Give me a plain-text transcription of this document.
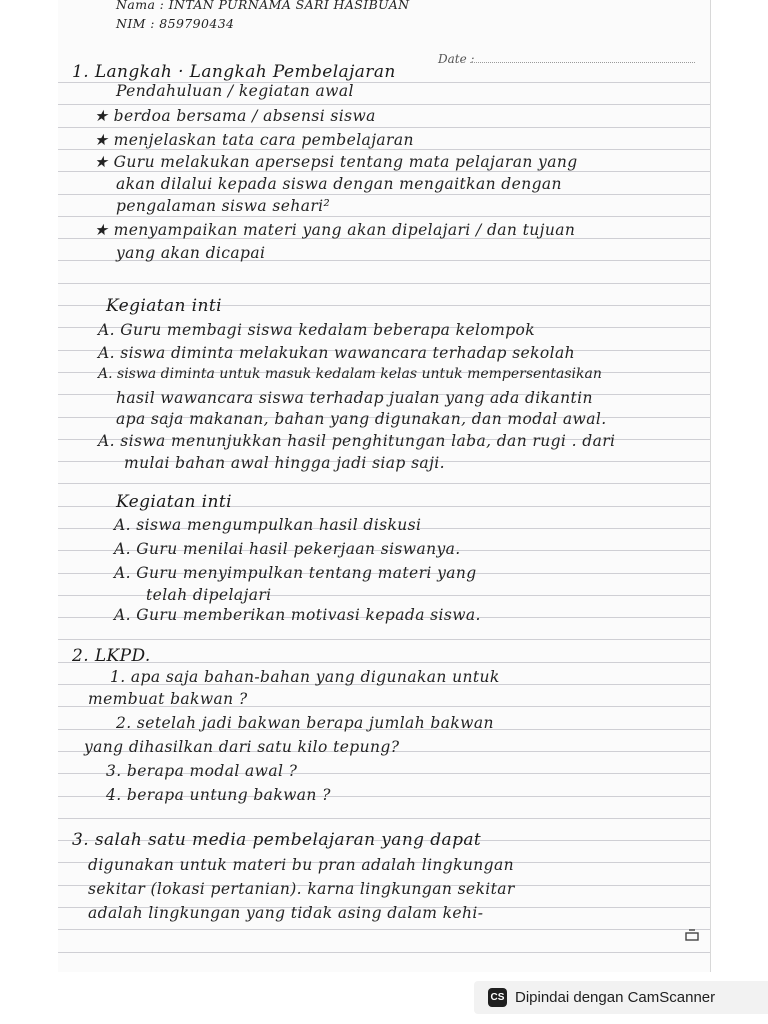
Date :
Nama : INTAN PURNAMA SARI HASIBUAN
NIM : 859790434
1. Langkah · Langkah Pembelajaran
Pendahuluan / kegiatan awal
★ berdoa bersama / absensi siswa
★ menjelaskan tata cara pembelajaran
★ Guru melakukan apersepsi tentang mata pelajaran yang
akan dilalui kepada siswa dengan mengaitkan dengan
pengalaman siswa sehari²
★ menyampaikan materi yang akan dipelajari / dan tujuan
yang akan dicapai
Kegiatan inti
A. Guru membagi siswa kedalam beberapa kelompok
A. siswa diminta melakukan wawancara terhadap sekolah
A. siswa diminta untuk masuk kedalam kelas untuk mempersentasikan
hasil wawancara siswa terhadap jualan yang ada dikantin
apa saja makanan, bahan yang digunakan, dan modal awal.
A. siswa menunjukkan hasil penghitungan laba, dan rugi . dari
mulai bahan awal hingga jadi siap saji.
Kegiatan inti
A. siswa mengumpulkan hasil diskusi
A. Guru menilai hasil pekerjaan siswanya.
A. Guru menyimpulkan tentang materi yang
telah dipelajari
A. Guru memberikan motivasi kepada siswa.
2. LKPD.
1. apa saja bahan-bahan yang digunakan untuk
membuat bakwan ?
2. setelah jadi bakwan berapa jumlah bakwan
yang dihasilkan dari satu kilo tepung?
3. berapa modal awal ?
4. berapa untung bakwan ?
3. salah satu media pembelajaran yang dapat
digunakan untuk materi bu pran adalah lingkungan
sekitar (lokasi pertanian). karna lingkungan sekitar
adalah lingkungan yang tidak asing dalam kehi-
CS Dipindai dengan CamScanner
